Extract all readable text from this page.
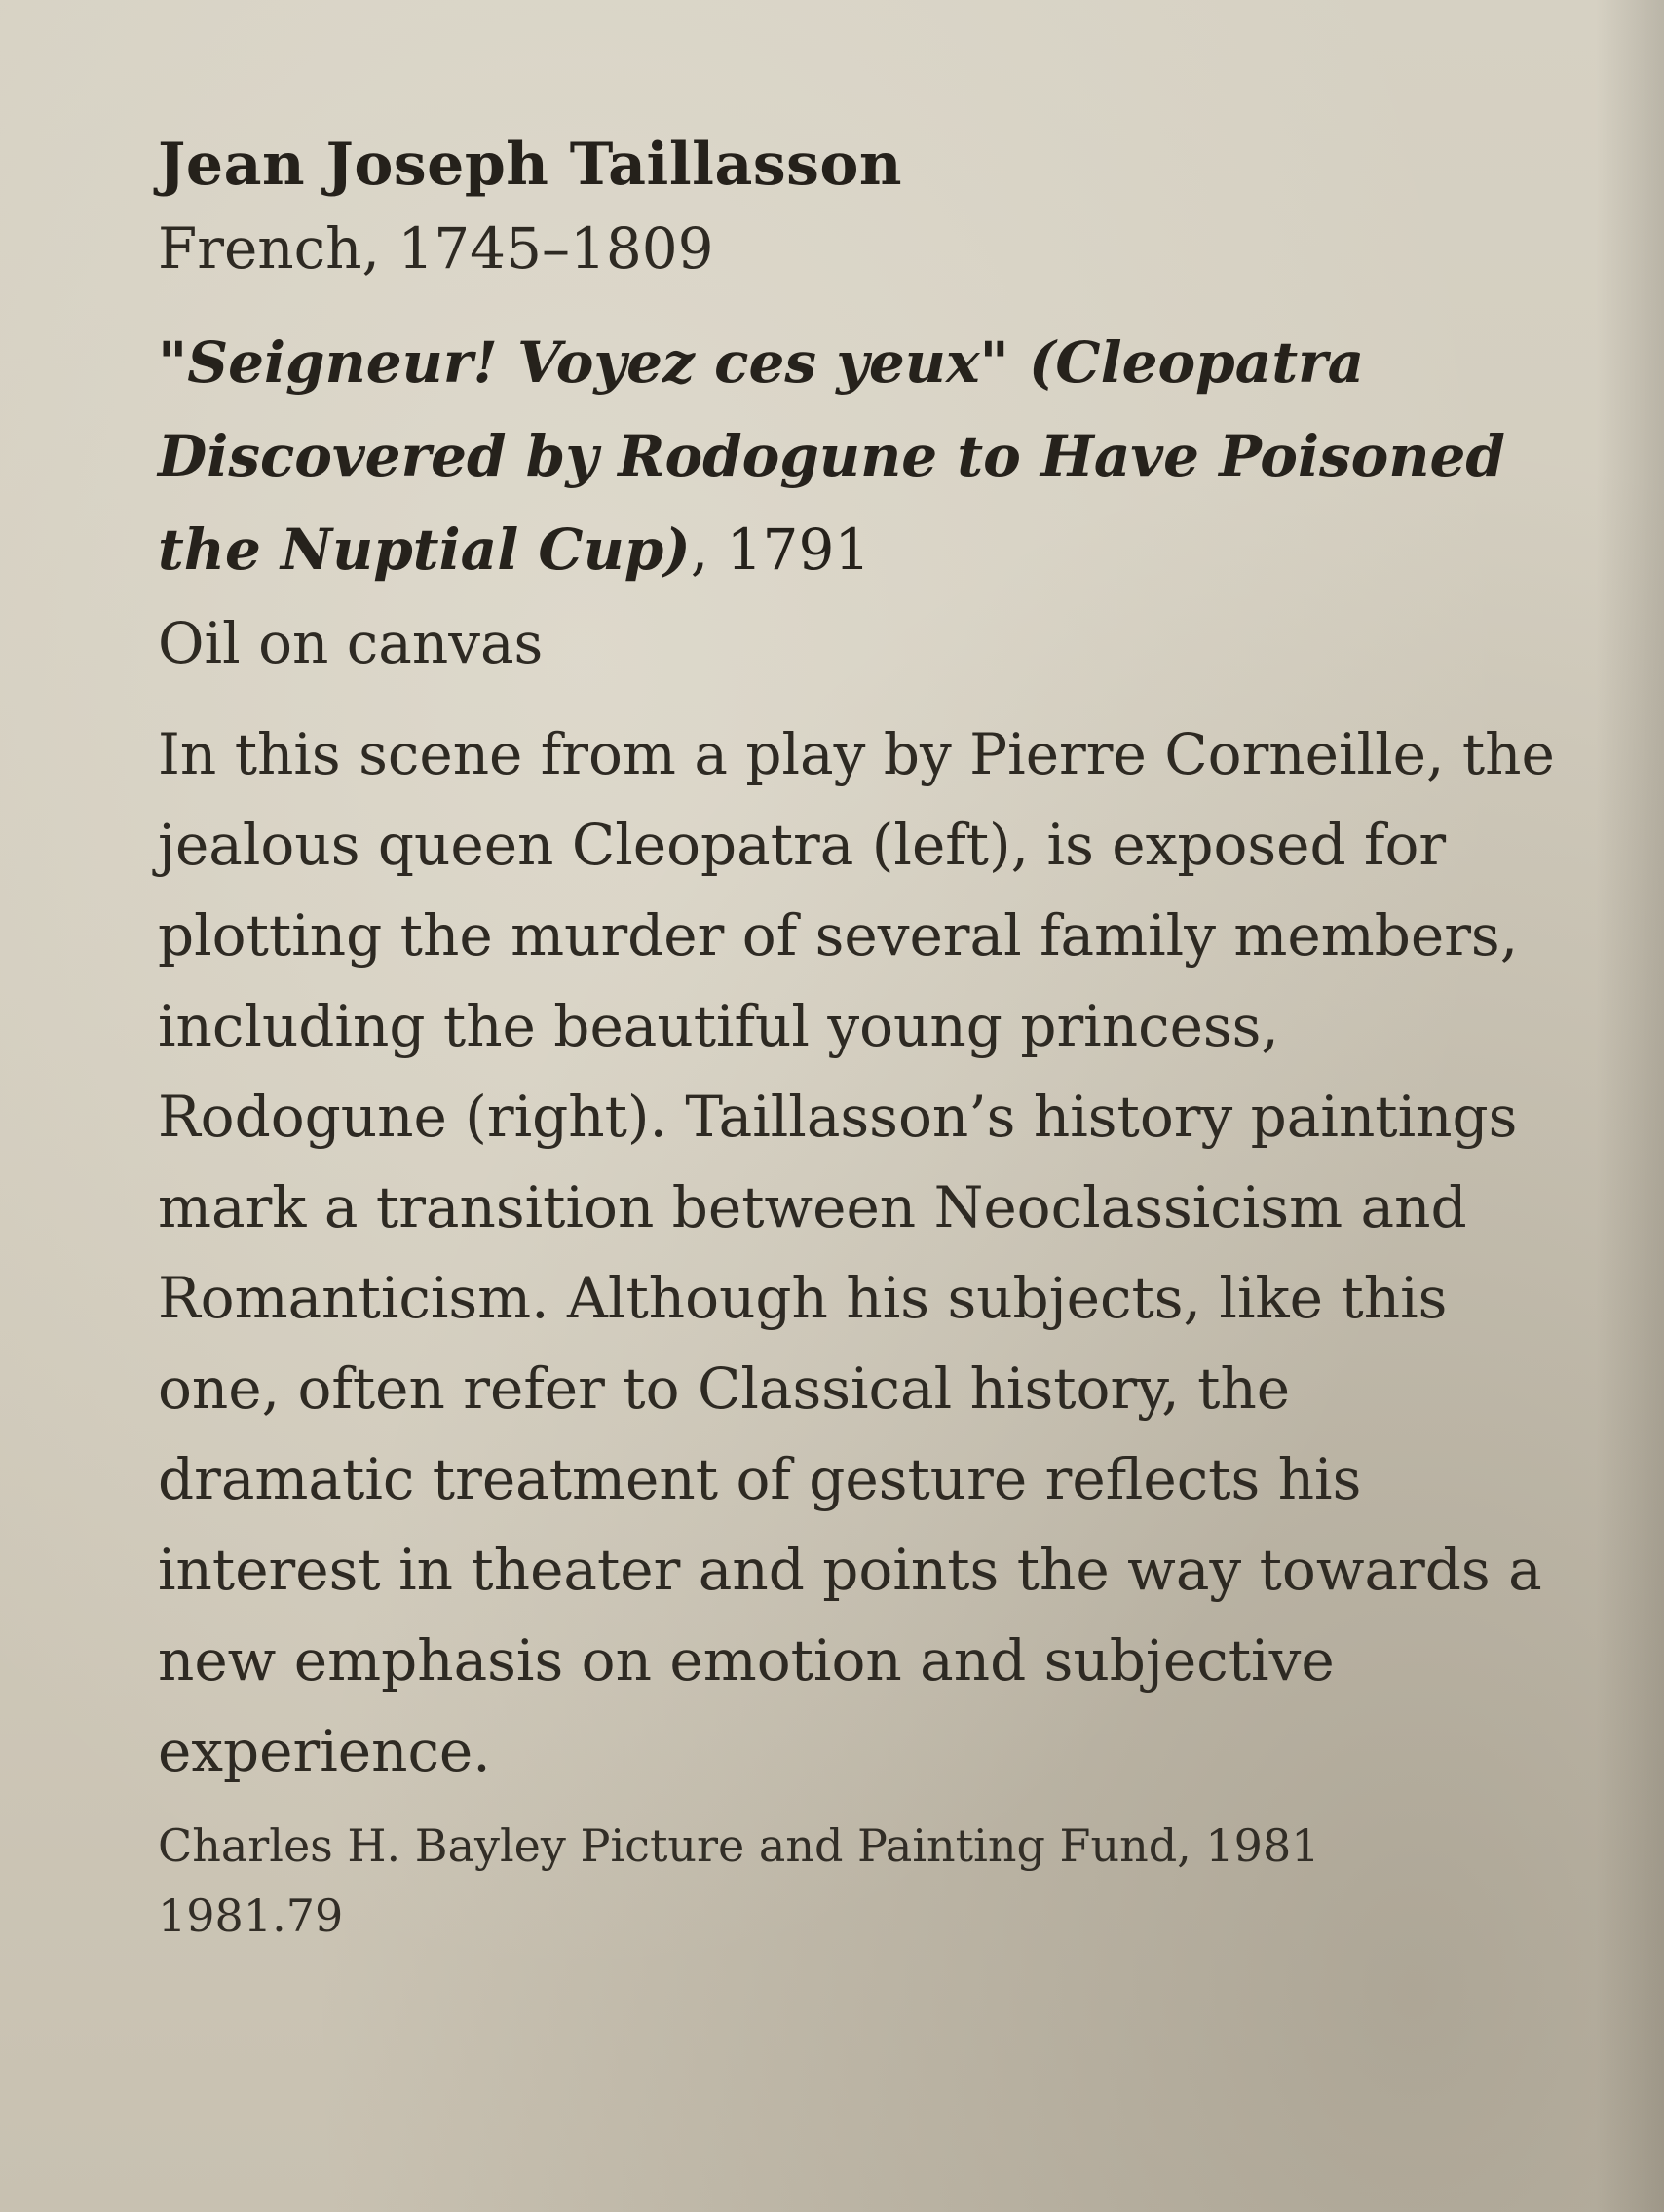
Jean Joseph Taillasson

French, 1745–1809

"Seigneur! Voyez ces yeux" (Cleopatra Discovered by Rodogune to Have Poisoned the Nuptial Cup), 1791

Oil on canvas

In this scene from a play by Pierre Corneille, the jealous queen Cleopatra (left), is exposed for plotting the murder of several family members, including the beautiful young princess, Rodogune (right). Taillasson’s history paintings mark a transition between Neoclassicism and Romanticism. Although his subjects, like this one, often refer to Classical history, the dramatic treatment of gesture reflects his interest in theater and points the way towards a new emphasis on emotion and subjective experience.

Charles H. Bayley Picture and Painting Fund, 1981

1981.79
